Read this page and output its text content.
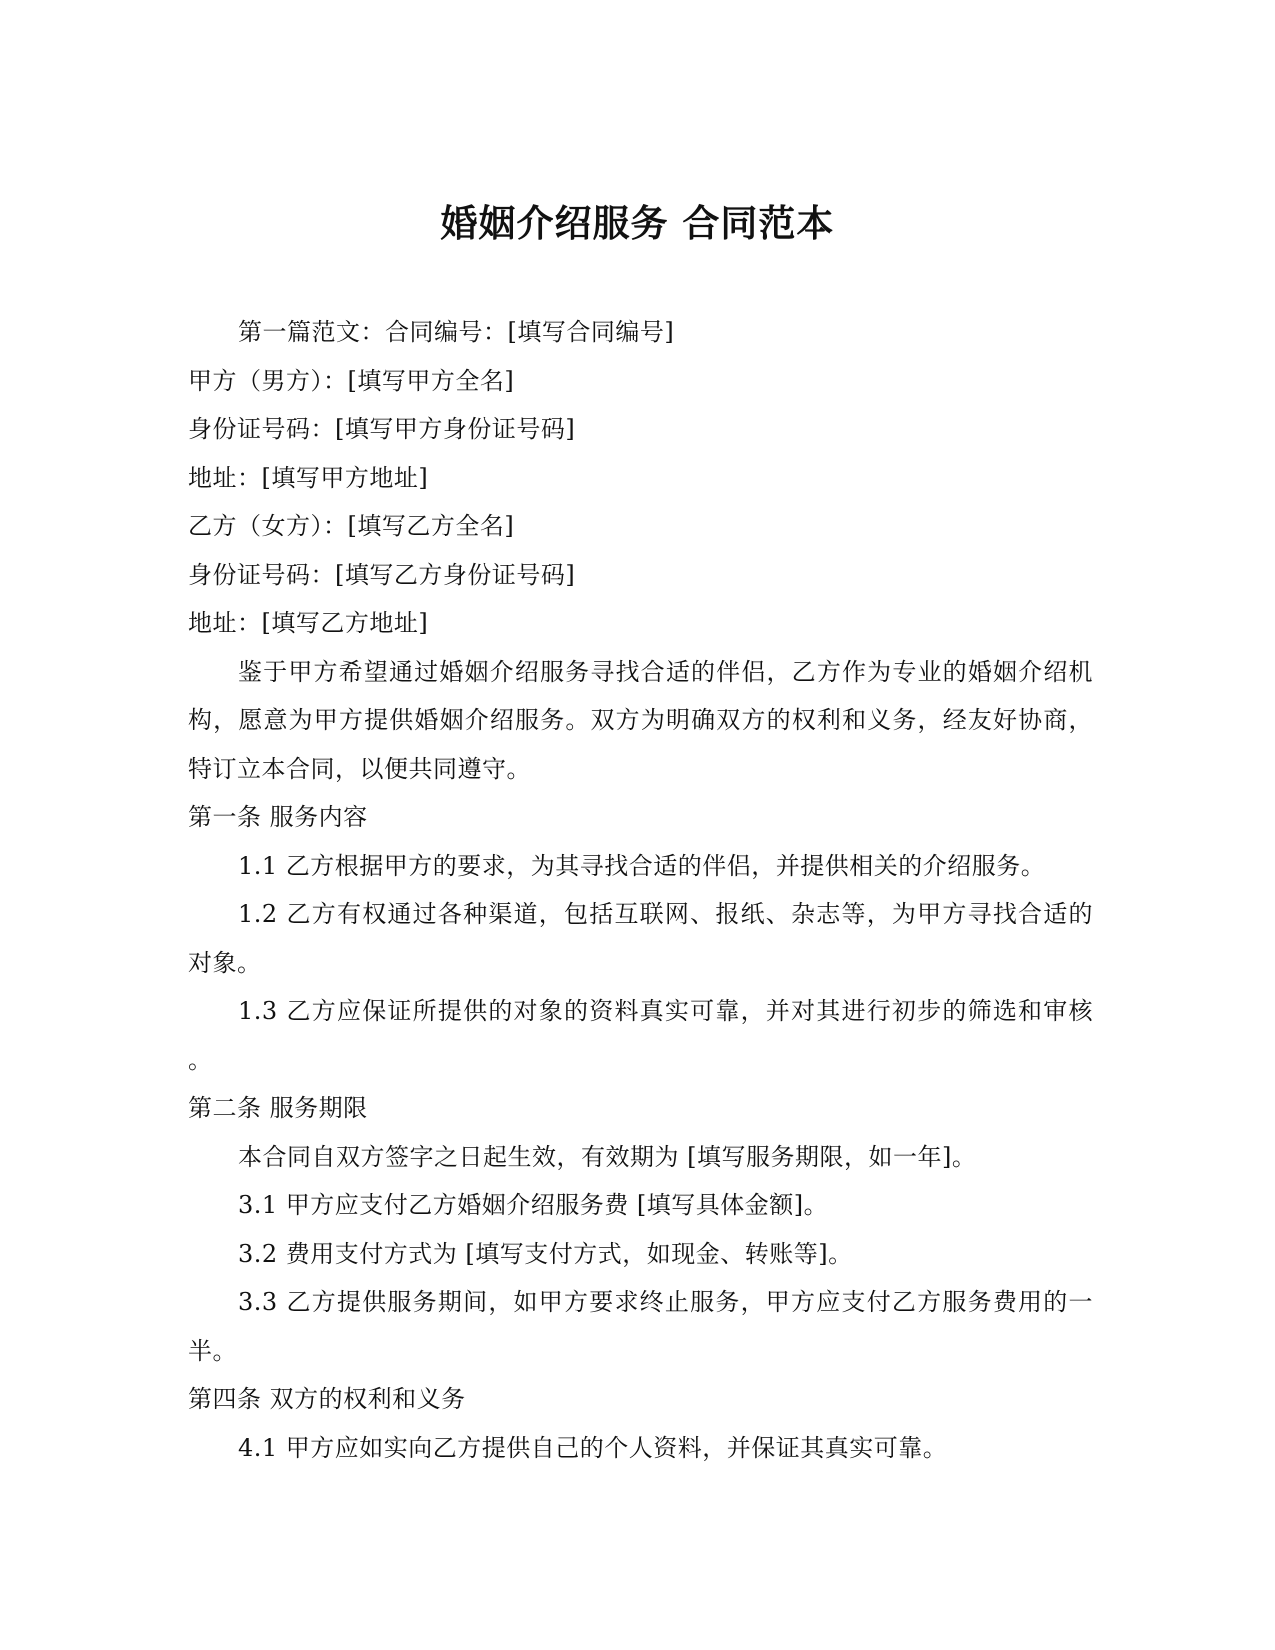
婚姻介绍服务 合同范本

第一篇范文：合同编号：[填写合同编号]

甲方（男方）：[填写甲方全名]

身份证号码：[填写甲方身份证号码]

地址：[填写甲方地址]

乙方（女方）：[填写乙方全名]

身份证号码：[填写乙方身份证号码]

地址：[填写乙方地址]

鉴于甲方希望通过婚姻介绍服务寻找合适的伴侣，乙方作为专业的婚姻介绍机

构，愿意为甲方提供婚姻介绍服务。双方为明确双方的权利和义务，经友好协商，

特订立本合同，以便共同遵守。

第一条 服务内容

1.1 乙方根据甲方的要求，为其寻找合适的伴侣，并提供相关的介绍服务。

1.2 乙方有权通过各种渠道，包括互联网、报纸、杂志等，为甲方寻找合适的

对象。

1.3 乙方应保证所提供的对象的资料真实可靠，并对其进行初步的筛选和审核

。

第二条 服务期限

本合同自双方签字之日起生效，有效期为 [填写服务期限，如一年]。

3.1 甲方应支付乙方婚姻介绍服务费 [填写具体金额]。

3.2 费用支付方式为 [填写支付方式，如现金、转账等]。

3.3 乙方提供服务期间，如甲方要求终止服务，甲方应支付乙方服务费用的一

半。

第四条 双方的权利和义务

4.1 甲方应如实向乙方提供自己的个人资料，并保证其真实可靠。
